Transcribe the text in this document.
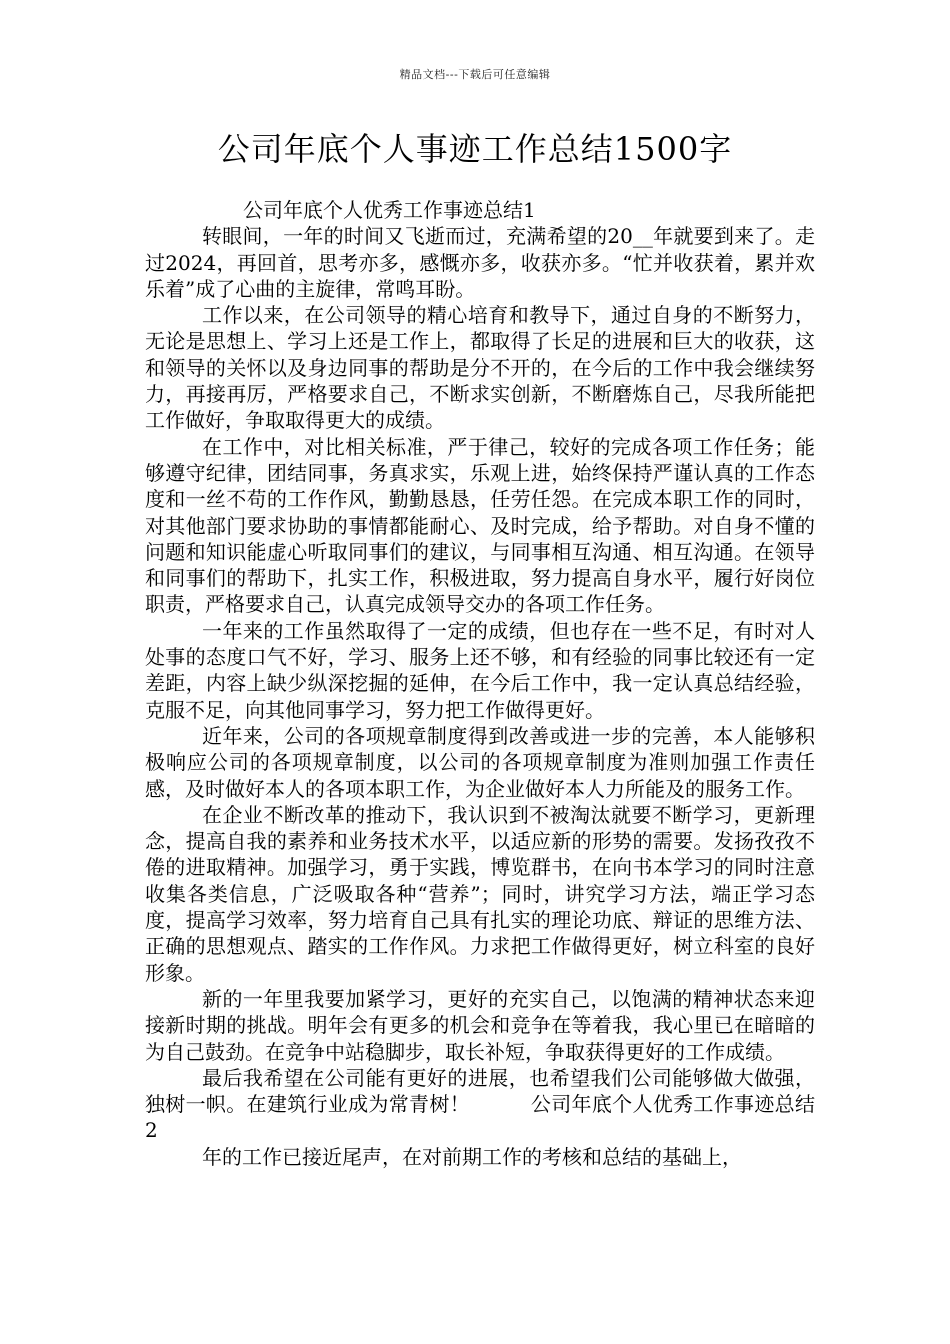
精品文档---下载后可任意编辑
公司年底个人事迹工作总结1500字

公司年底个人优秀工作事迹总结1

转眼间，一年的时间又飞逝而过，充满希望的20__年就要到来了。走过2024，再回首，思考亦多，感慨亦多，收获亦多。“忙并收获着，累并欢乐着”成了心曲的主旋律，常鸣耳盼。

工作以来，在公司领导的精心培育和教导下，通过自身的不断努力，无论是思想上、学习上还是工作上，都取得了长足的进展和巨大的收获，这和领导的关怀以及身边同事的帮助是分不开的，在今后的工作中我会继续努力，再接再厉，严格要求自己，不断求实创新，不断磨炼自己，尽我所能把工作做好，争取取得更大的成绩。

在工作中，对比相关标准，严于律己，较好的完成各项工作任务；能够遵守纪律，团结同事，务真求实，乐观上进，始终保持严谨认真的工作态度和一丝不苟的工作作风，勤勤恳恳，任劳任怨。在完成本职工作的同时，对其他部门要求协助的事情都能耐心、及时完成，给予帮助。对自身不懂的问题和知识能虚心听取同事们的建议，与同事相互沟通、相互沟通。在领导和同事们的帮助下，扎实工作，积极进取，努力提高自身水平，履行好岗位职责，严格要求自己，认真完成领导交办的各项工作任务。

一年来的工作虽然取得了一定的成绩，但也存在一些不足，有时对人处事的态度口气不好，学习、服务上还不够，和有经验的同事比较还有一定差距，内容上缺少纵深挖掘的延伸，在今后工作中，我一定认真总结经验，克服不足，向其他同事学习，努力把工作做得更好。

近年来，公司的各项规章制度得到改善或进一步的完善，本人能够积极响应公司的各项规章制度，以公司的各项规章制度为准则加强工作责任感，及时做好本人的各项本职工作，为企业做好本人力所能及的服务工作。

在企业不断改革的推动下，我认识到不被淘汰就要不断学习，更新理念，提高自我的素养和业务技术水平，以适应新的形势的需要。发扬孜孜不倦的进取精神。加强学习，勇于实践，博览群书，在向书本学习的同时注意收集各类信息，广泛吸取各种“营养”；同时，讲究学习方法，端正学习态度，提高学习效率，努力培育自己具有扎实的理论功底、辩证的思维方法、正确的思想观点、踏实的工作作风。力求把工作做得更好，树立科室的良好形象。

新的一年里我要加紧学习，更好的充实自己，以饱满的精神状态来迎接新时期的挑战。明年会有更多的机会和竞争在等着我，我心里已在暗暗的为自己鼓劲。在竞争中站稳脚步，取长补短，争取获得更好的工作成绩。

最后我希望在公司能有更好的进展，也希望我们公司能够做大做强，独树一帜。在建筑行业成为常青树！　　　公司年底个人优秀工作事迹总结2

年的工作已接近尾声，在对前期工作的考核和总结的基础上，
